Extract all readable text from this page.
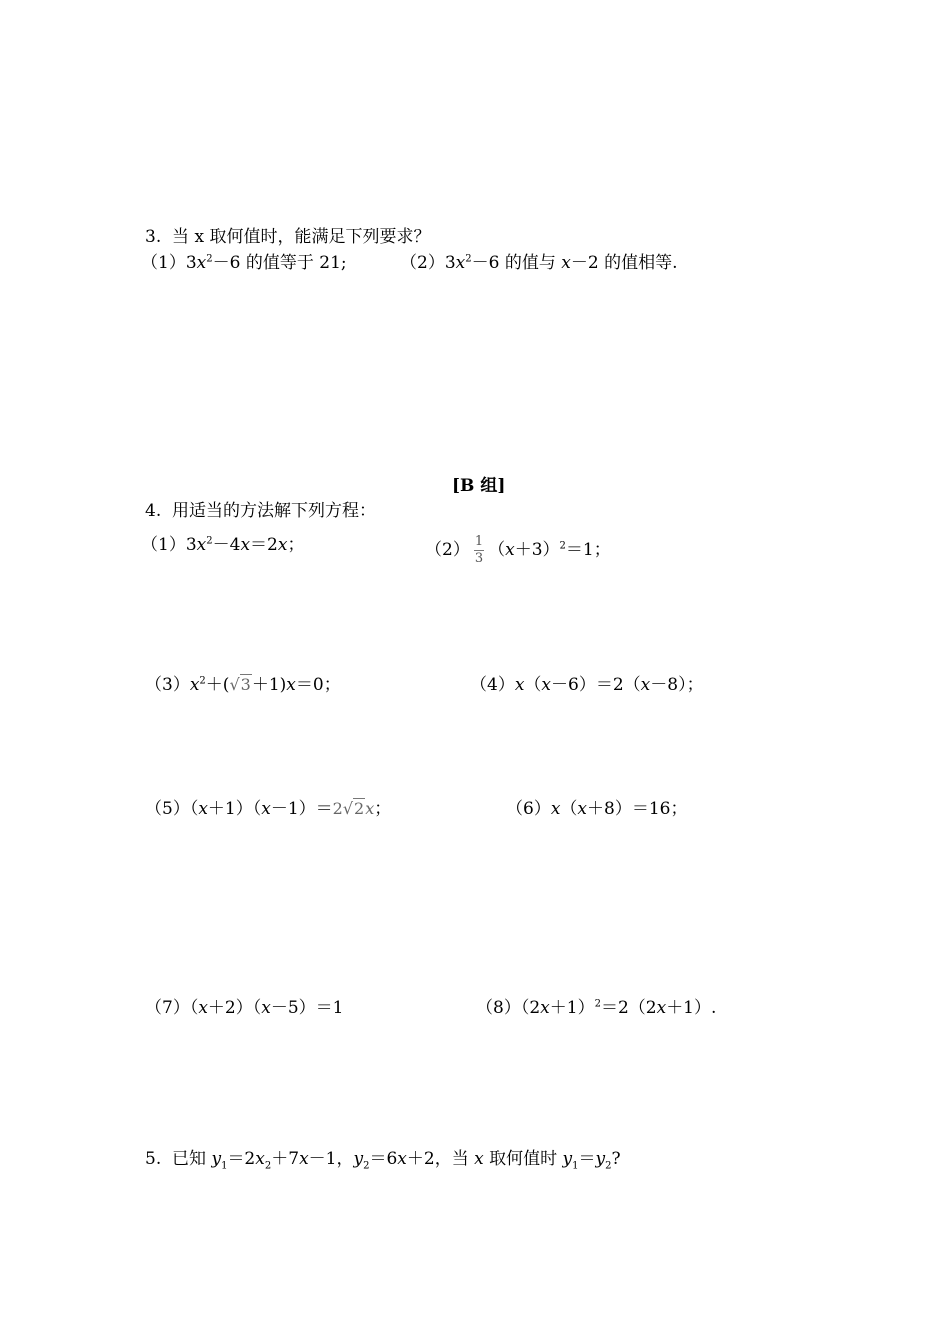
3. 当 x 取何值时，能满足下列要求？
$(1)3x^2-6$ 的值等于 21;	$(2)3x^2-6$ 的值与 x－2 的值相等.
[B 组]
4. 用适当的方法解下列方程：
$(1)3x^2-4x=2x$；	$(2) \frac{1}{3} (x+3)^2=1$；
$(3)x^2+(√3+1)x=0$；	（4）x（x－6）＝2（x－8）；
（5）（x＋1）（x－1）＝2√2x；	（6）x（x＋8）＝16；
（7）（x＋2）（x－5）＝1	$(8)(2x+1)^2=2(2x+1)$.
5. 已知 $y_1=2x_2+7x-1$，$y_2=6x+2$，当 x 取何值时 $y_1=y_2$?
